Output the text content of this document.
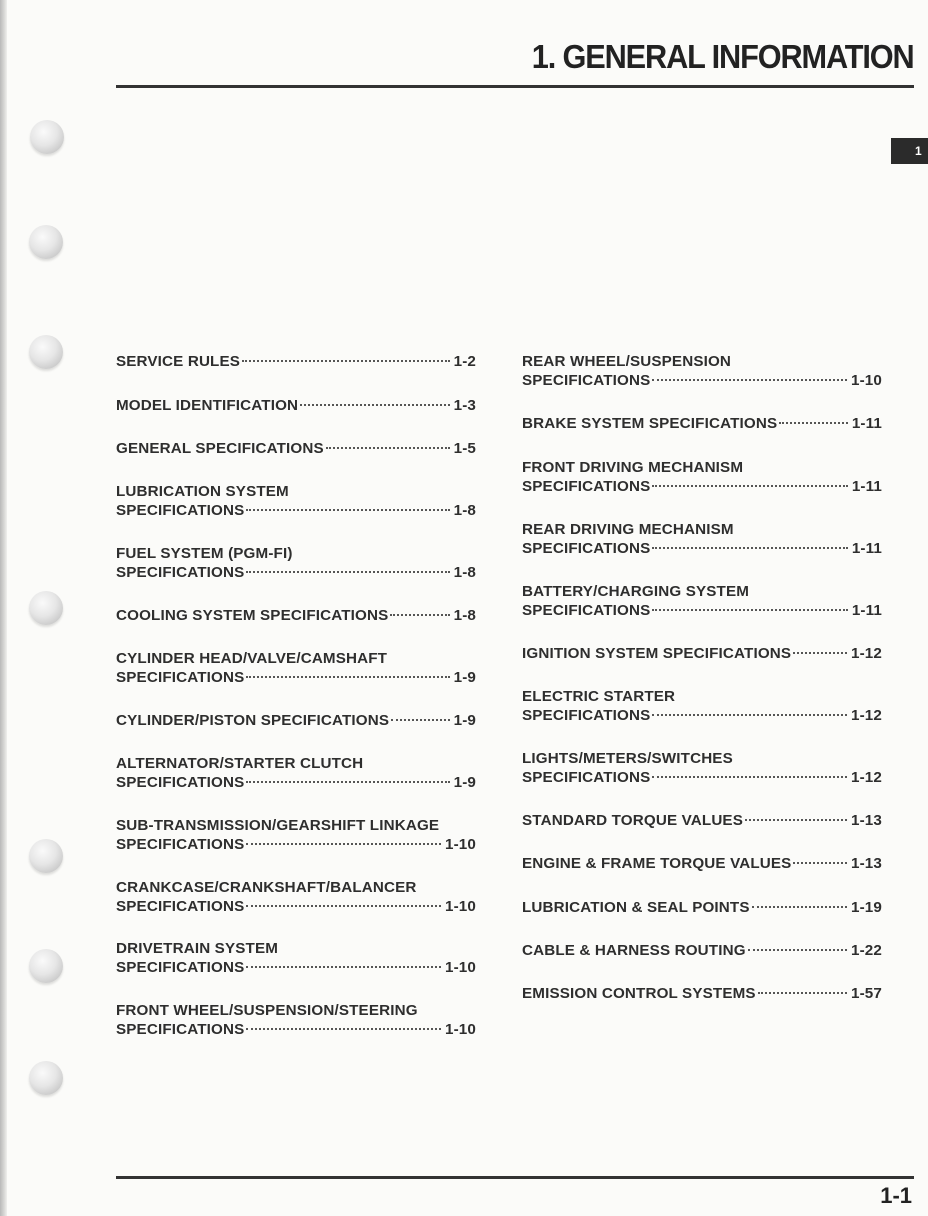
1. GENERAL INFORMATION
1
SERVICE RULES	1-2
MODEL IDENTIFICATION	1-3
GENERAL SPECIFICATIONS	1-5
LUBRICATION SYSTEM
SPECIFICATIONS	1-8
FUEL SYSTEM (PGM-FI)
SPECIFICATIONS	1-8
COOLING SYSTEM SPECIFICATIONS	1-8
CYLINDER HEAD/VALVE/CAMSHAFT
SPECIFICATIONS	1-9
CYLINDER/PISTON SPECIFICATIONS	1-9
ALTERNATOR/STARTER CLUTCH
SPECIFICATIONS	1-9
SUB-TRANSMISSION/GEARSHIFT LINKAGE
SPECIFICATIONS	1-10
CRANKCASE/CRANKSHAFT/BALANCER
SPECIFICATIONS	1-10
DRIVETRAIN SYSTEM
SPECIFICATIONS	1-10
FRONT WHEEL/SUSPENSION/STEERING
SPECIFICATIONS	1-10
REAR WHEEL/SUSPENSION
SPECIFICATIONS	1-10
BRAKE SYSTEM SPECIFICATIONS	1-11
FRONT DRIVING MECHANISM
SPECIFICATIONS	1-11
REAR DRIVING MECHANISM
SPECIFICATIONS	1-11
BATTERY/CHARGING SYSTEM
SPECIFICATIONS	1-11
IGNITION SYSTEM SPECIFICATIONS	1-12
ELECTRIC STARTER
SPECIFICATIONS	1-12
LIGHTS/METERS/SWITCHES
SPECIFICATIONS	1-12
STANDARD TORQUE VALUES	1-13
ENGINE & FRAME TORQUE VALUES	1-13
LUBRICATION & SEAL POINTS	1-19
CABLE & HARNESS ROUTING	1-22
EMISSION CONTROL SYSTEMS	1-57
1-1
